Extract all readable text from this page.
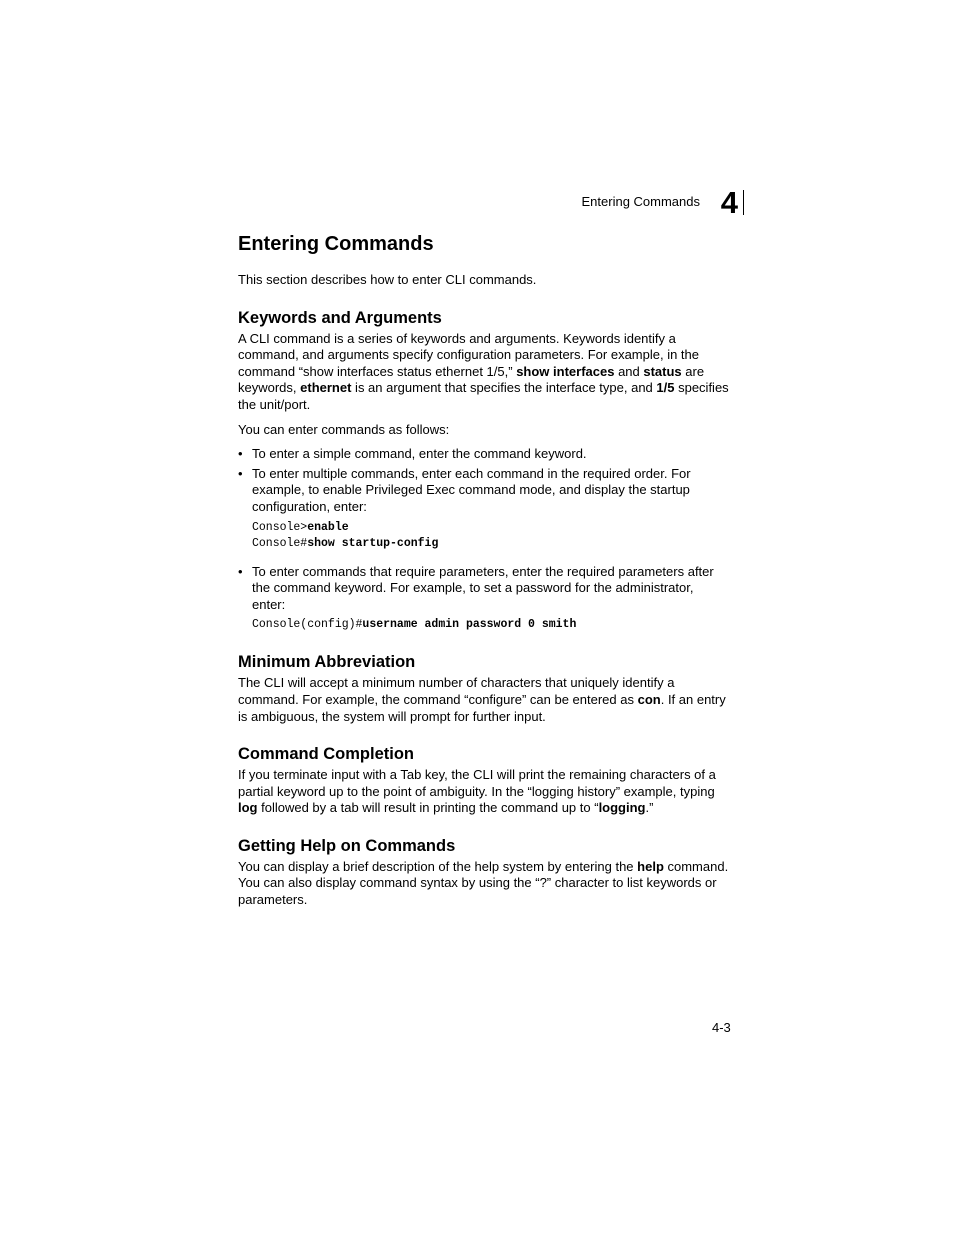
Entering Commands 4
Entering Commands

This section describes how to enter CLI commands.

Keywords and Arguments

A CLI command is a series of keywords and arguments. Keywords identify a command, and arguments specify configuration parameters. For example, in the command “show interfaces status ethernet 1/5,” show interfaces and status are keywords, ethernet is an argument that specifies the interface type, and 1/5 specifies the unit/port.

You can enter commands as follows:

• To enter a simple command, enter the command keyword.
• To enter multiple commands, enter each command in the required order. For example, to enable Privileged Exec command mode, and display the startup configuration, enter:
Console>enable
Console#show startup-config
• To enter commands that require parameters, enter the required parameters after the command keyword. For example, to set a password for the administrator, enter:
Console(config)#username admin password 0 smith
Minimum Abbreviation

The CLI will accept a minimum number of characters that uniquely identify a command. For example, the command “configure” can be entered as con. If an entry is ambiguous, the system will prompt for further input.

Command Completion

If you terminate input with a Tab key, the CLI will print the remaining characters of a partial keyword up to the point of ambiguity. In the “logging history” example, typing log followed by a tab will result in printing the command up to “logging.”

Getting Help on Commands

You can display a brief description of the help system by entering the help command. You can also display command syntax by using the “?” character to list keywords or parameters.

4-3
